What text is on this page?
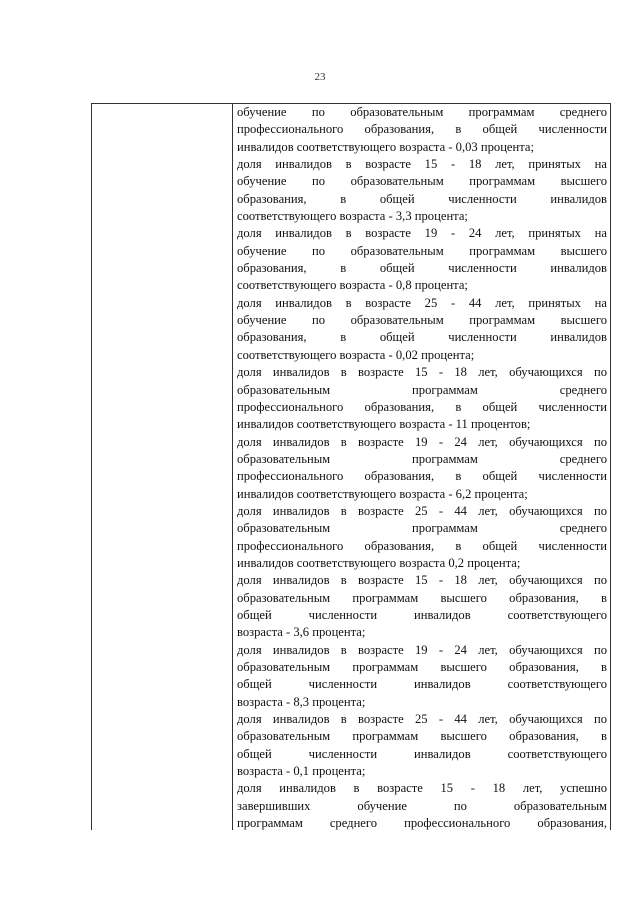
23
обучение по образовательным программам среднего
профессионального образования, в общей численности
инвалидов соответствующего возраста - 0,03 процента;
доля инвалидов в возрасте 15 - 18 лет, принятых на
обучение по образовательным программам высшего
образования, в общей численности инвалидов
соответствующего возраста - 3,3 процента;
доля инвалидов в возрасте 19 - 24 лет, принятых на
обучение по образовательным программам высшего
образования, в общей численности инвалидов
соответствующего возраста - 0,8 процента;
доля инвалидов в возрасте 25 - 44 лет, принятых на
обучение по образовательным программам высшего
образования, в общей численности инвалидов
соответствующего возраста - 0,02 процента;
доля инвалидов в возрасте 15 - 18 лет, обучающихся по
образовательным программам среднего
профессионального образования, в общей численности
инвалидов соответствующего возраста - 11 процентов;
доля инвалидов в возрасте 19 - 24 лет, обучающихся по
образовательным программам среднего
профессионального образования, в общей численности
инвалидов соответствующего возраста - 6,2 процента;
доля инвалидов в возрасте 25 - 44 лет, обучающихся по
образовательным программам среднего
профессионального образования, в общей численности
инвалидов соответствующего возраста 0,2 процента;
доля инвалидов в возрасте 15 - 18 лет, обучающихся по
образовательным программам высшего образования, в
общей численности инвалидов соответствующего
возраста - 3,6 процента;
доля инвалидов в возрасте 19 - 24 лет, обучающихся по
образовательным программам высшего образования, в
общей численности инвалидов соответствующего
возраста - 8,3 процента;
доля инвалидов в возрасте 25 - 44 лет, обучающихся по
образовательным программам высшего образования, в
общей численности инвалидов соответствующего
возраста - 0,1 процента;
доля инвалидов в возрасте 15 - 18 лет, успешно
завершивших обучение по образовательным
программам среднего профессионального образования,
